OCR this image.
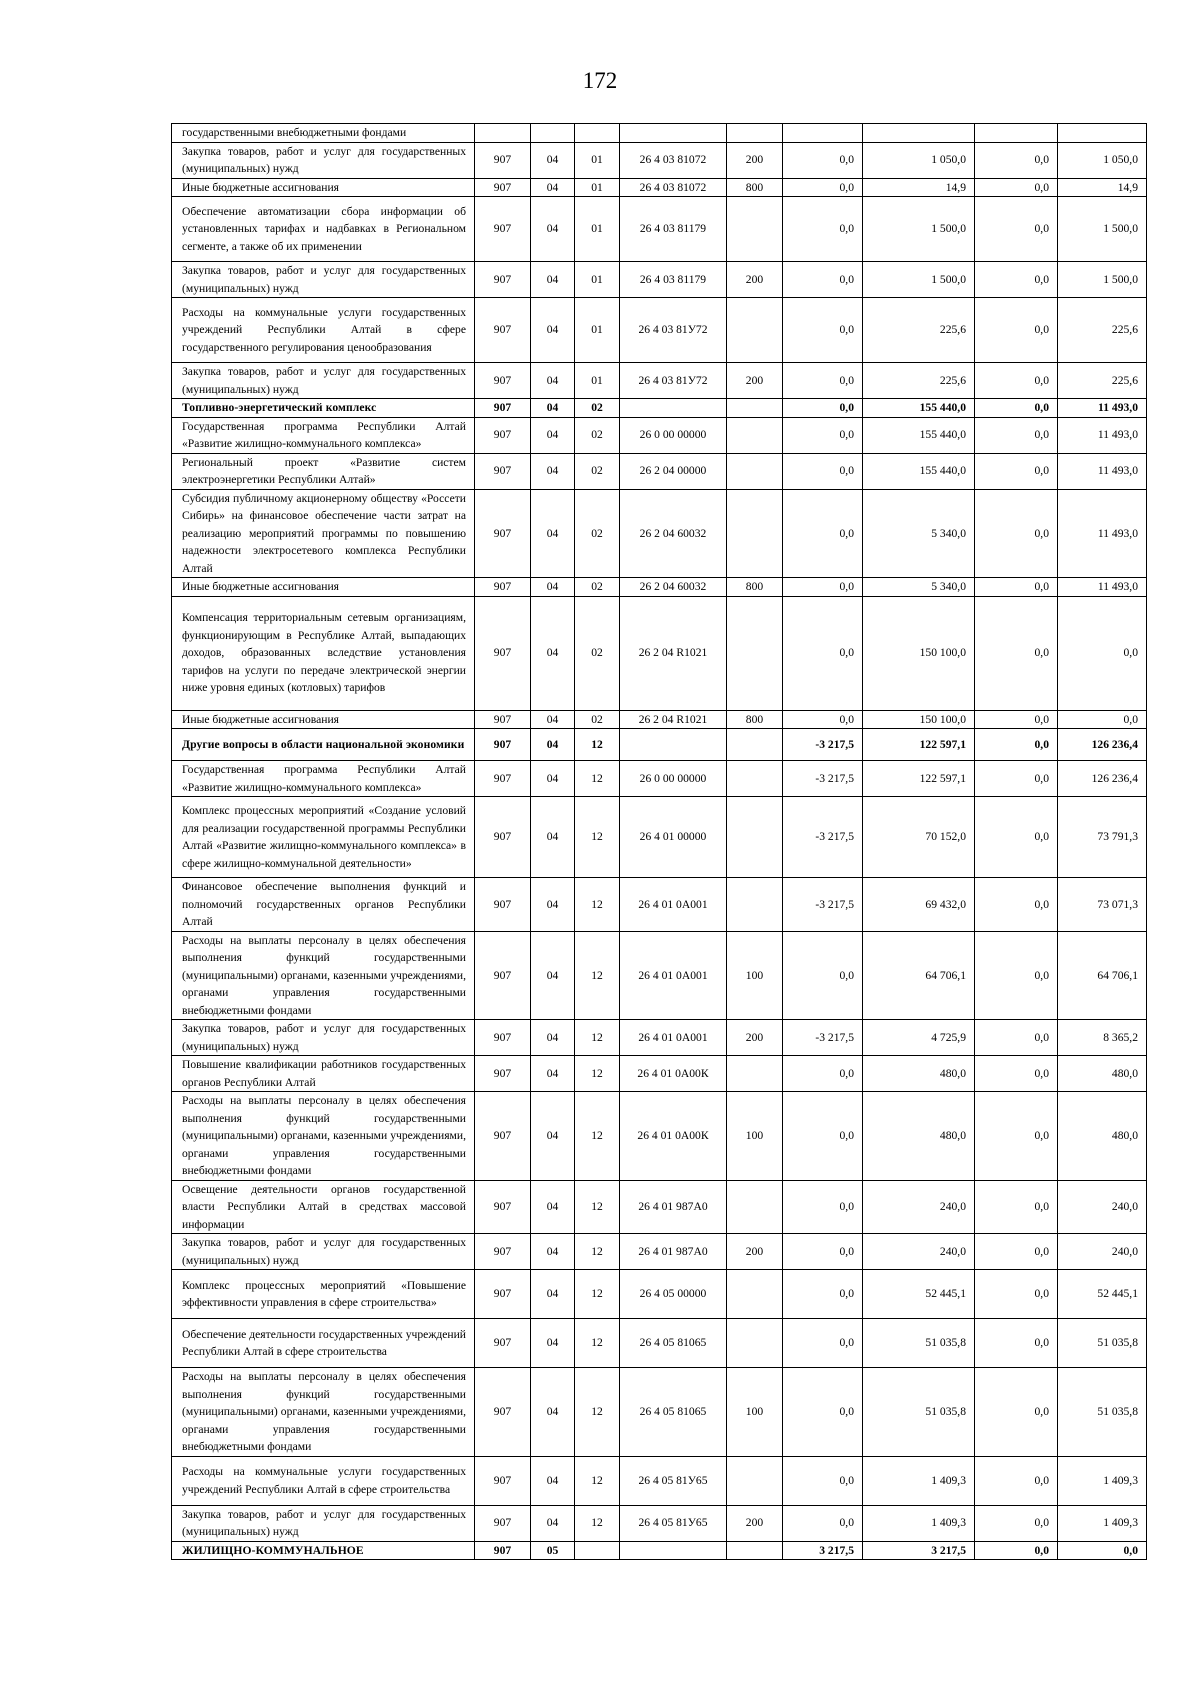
172
государственными внебюджетными фондами									
Закупка товаров, работ и услуг для государственных (муниципальных) нужд	907	04	01	26 4 03 81072	200	0,0	1 050,0	0,0	1 050,0
Иные бюджетные ассигнования	907	04	01	26 4 03 81072	800	0,0	14,9	0,0	14,9
Обеспечение автоматизации сбора информации об установленных тарифах и надбавках в Региональном сегменте, а также об их применении	907	04	01	26 4 03 81179		0,0	1 500,0	0,0	1 500,0
Закупка товаров, работ и услуг для государственных (муниципальных) нужд	907	04	01	26 4 03 81179	200	0,0	1 500,0	0,0	1 500,0
Расходы на коммунальные услуги государственных учреждений Республики Алтай в сфере государственного регулирования ценообразования	907	04	01	26 4 03 81У72		0,0	225,6	0,0	225,6
Закупка товаров, работ и услуг для государственных (муниципальных) нужд	907	04	01	26 4 03 81У72	200	0,0	225,6	0,0	225,6
Топливно-энергетический комплекс	907	04	02			0,0	155 440,0	0,0	11 493,0
Государственная программа Республики Алтай «Развитие жилищно-коммунального комплекса»	907	04	02	26 0 00 00000		0,0	155 440,0	0,0	11 493,0
Региональный проект «Развитие систем электроэнергетики Республики Алтай»	907	04	02	26 2 04 00000		0,0	155 440,0	0,0	11 493,0
Субсидия публичному акционерному обществу «Россети Сибирь» на финансовое обеспечение части затрат на реализацию мероприятий программы по повышению надежности электросетевого комплекса Республики Алтай	907	04	02	26 2 04 60032		0,0	5 340,0	0,0	11 493,0
Иные бюджетные ассигнования	907	04	02	26 2 04 60032	800	0,0	5 340,0	0,0	11 493,0
Компенсация территориальным сетевым организациям, функционирующим в Республике Алтай, выпадающих доходов, образованных вследствие установления тарифов на услуги по передаче электрической энергии ниже уровня единых (котловых) тарифов	907	04	02	26 2 04 R1021		0,0	150 100,0	0,0	0,0
Иные бюджетные ассигнования	907	04	02	26 2 04 R1021	800	0,0	150 100,0	0,0	0,0
Другие вопросы в области национальной экономики	907	04	12			-3 217,5	122 597,1	0,0	126 236,4
Государственная программа Республики Алтай «Развитие жилищно-коммунального комплекса»	907	04	12	26 0 00 00000		-3 217,5	122 597,1	0,0	126 236,4
Комплекс процессных мероприятий «Создание условий для реализации государственной программы Республики Алтай «Развитие жилищно-коммунального комплекса» в сфере жилищно-коммунальной деятельности»	907	04	12	26 4 01 00000		-3 217,5	70 152,0	0,0	73 791,3
Финансовое обеспечение выполнения функций и полномочий государственных органов Республики Алтай	907	04	12	26 4 01 0А001		-3 217,5	69 432,0	0,0	73 071,3
Расходы на выплаты персоналу в целях обеспечения выполнения функций государственными (муниципальными) органами, казенными учреждениями, органами управления государственными внебюджетными фондами	907	04	12	26 4 01 0А001	100	0,0	64 706,1	0,0	64 706,1
Закупка товаров, работ и услуг для государственных (муниципальных) нужд	907	04	12	26 4 01 0А001	200	-3 217,5	4 725,9	0,0	8 365,2
Повышение квалификации работников государственных органов Республики Алтай	907	04	12	26 4 01 0А00К		0,0	480,0	0,0	480,0
Расходы на выплаты персоналу в целях обеспечения выполнения функций государственными (муниципальными) органами, казенными учреждениями, органами управления государственными внебюджетными фондами	907	04	12	26 4 01 0А00К	100	0,0	480,0	0,0	480,0
Освещение деятельности органов государственной власти Республики Алтай в средствах массовой информации	907	04	12	26 4 01 987А0		0,0	240,0	0,0	240,0
Закупка товаров, работ и услуг для государственных (муниципальных) нужд	907	04	12	26 4 01 987А0	200	0,0	240,0	0,0	240,0
Комплекс процессных мероприятий «Повышение эффективности управления в сфере строительства»	907	04	12	26 4 05 00000		0,0	52 445,1	0,0	52 445,1
Обеспечение деятельности государственных учреждений Республики Алтай в сфере строительства	907	04	12	26 4 05 81065		0,0	51 035,8	0,0	51 035,8
Расходы на выплаты персоналу в целях обеспечения выполнения функций государственными (муниципальными) органами, казенными учреждениями, органами управления государственными внебюджетными фондами	907	04	12	26 4 05 81065	100	0,0	51 035,8	0,0	51 035,8
Расходы на коммунальные услуги государственных учреждений Республики Алтай в сфере строительства	907	04	12	26 4 05 81У65		0,0	1 409,3	0,0	1 409,3
Закупка товаров, работ и услуг для государственных (муниципальных) нужд	907	04	12	26 4 05 81У65	200	0,0	1 409,3	0,0	1 409,3
ЖИЛИЩНО-КОММУНАЛЬНОЕ	907	05				3 217,5	3 217,5	0,0	0,0
